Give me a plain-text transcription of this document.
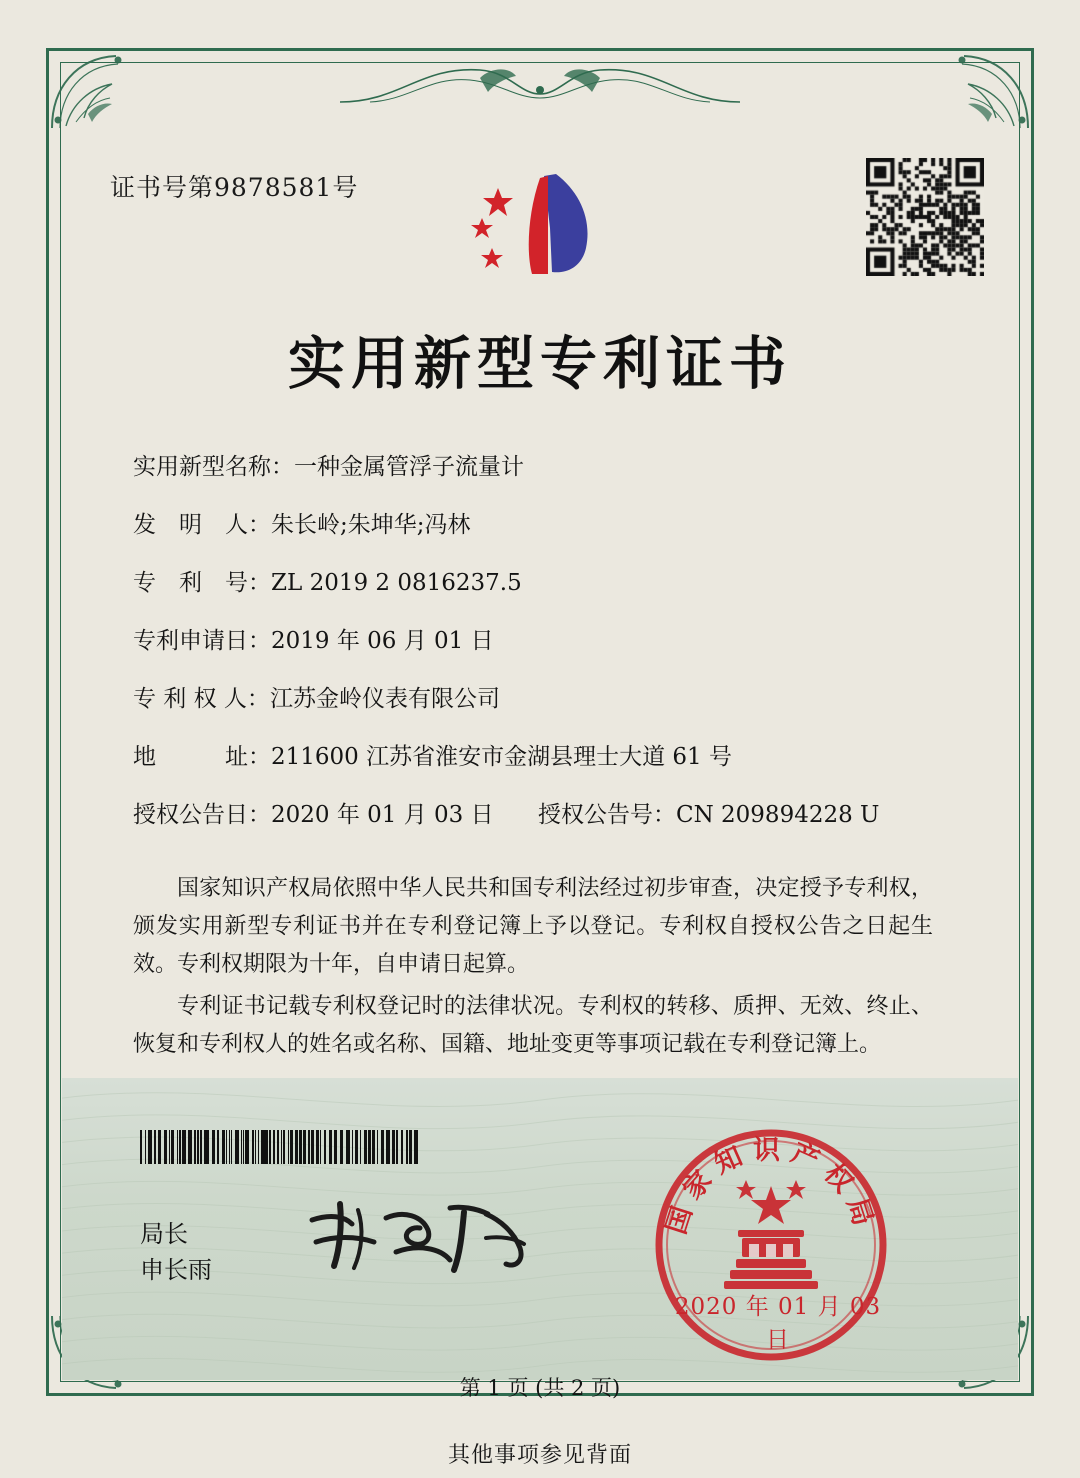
证书号第9878581号
实用新型专利证书
实用新型名称：一种金属管浮子流量计
发　明　人：朱长岭;朱坤华;冯林
专　利　号：ZL 2019 2 0816237.5
专利申请日：2019 年 06 月 01 日
专 利 权 人：江苏金岭仪表有限公司
地　　　址：211600 江苏省淮安市金湖县理士大道 61 号
授权公告日：2020 年 01 月 03 日 授权公告号：CN 209894228 U
国家知识产权局依照中华人民共和国专利法经过初步审查，决定授予专利权，颁发实用新型专利证书并在专利登记簿上予以登记。专利权自授权公告之日起生效。专利权期限为十年，自申请日起算。
专利证书记载专利权登记时的法律状况。专利权的转移、质押、无效、终止、恢复和专利权人的姓名或名称、国籍、地址变更等事项记载在专利登记簿上。
局长
申长雨
国家知识产权局
2020 年 01 月 03 日
第 1 页 (共 2 页)
其他事项参见背面
